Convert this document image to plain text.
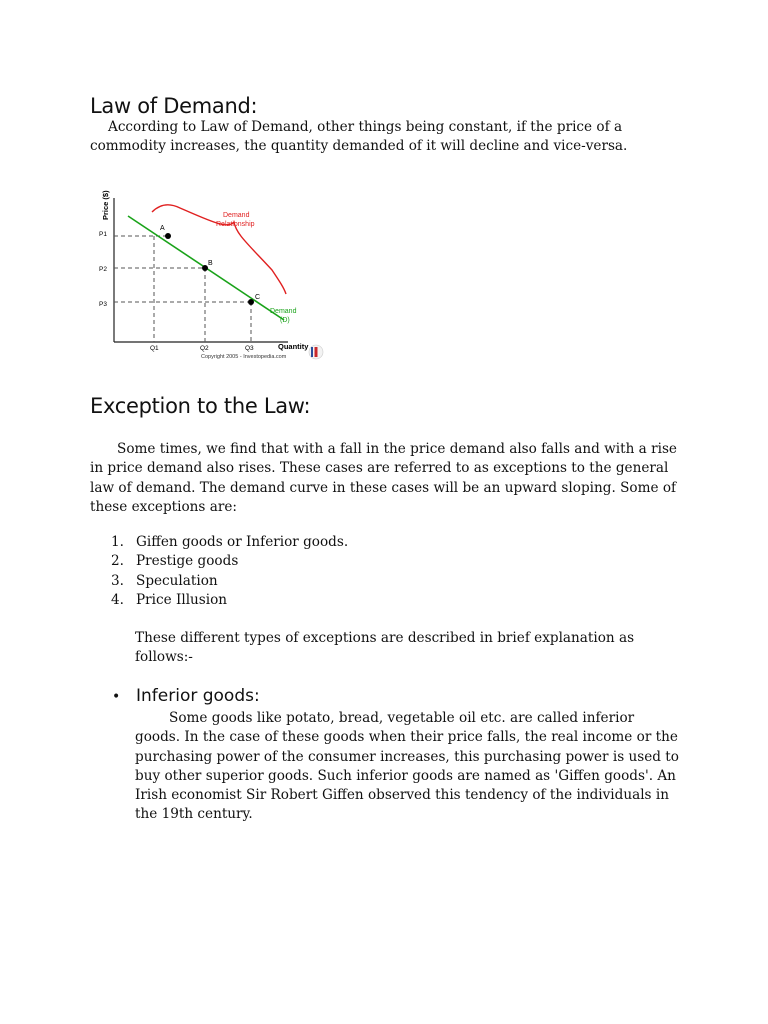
Law of Demand:

According to Law of Demand, other things being constant, if the price of a commodity increases, the quantity demanded of it will decline and vice-versa.

Price ($)
Quantity
P1
P2
P3
Q1	Q2	Q3
A
B
C
Demand
Relationship
Demand
(D)
Copyright 2005 - Investopedia.com
Exception to the Law:

Some times, we find that with a fall in the price demand also falls and with a rise in price demand also rises. These cases are referred to as exceptions to the general law of demand. The demand curve in these cases will be an upward sloping. Some of these exceptions are:

1. Giffen goods or Inferior goods.
2. Prestige goods
3. Speculation
4. Price Illusion

These different types of exceptions are described in brief explanation as follows:-

• Inferior goods:

Some goods like potato, bread, vegetable oil etc. are called inferior goods. In the case of these goods when their price falls, the real income or the purchasing power of the consumer increases, this purchasing power is used to buy other superior goods. Such inferior goods are named as 'Giffen goods'. An Irish economist Sir Robert Giffen observed this tendency of the individuals in the 19th century.
